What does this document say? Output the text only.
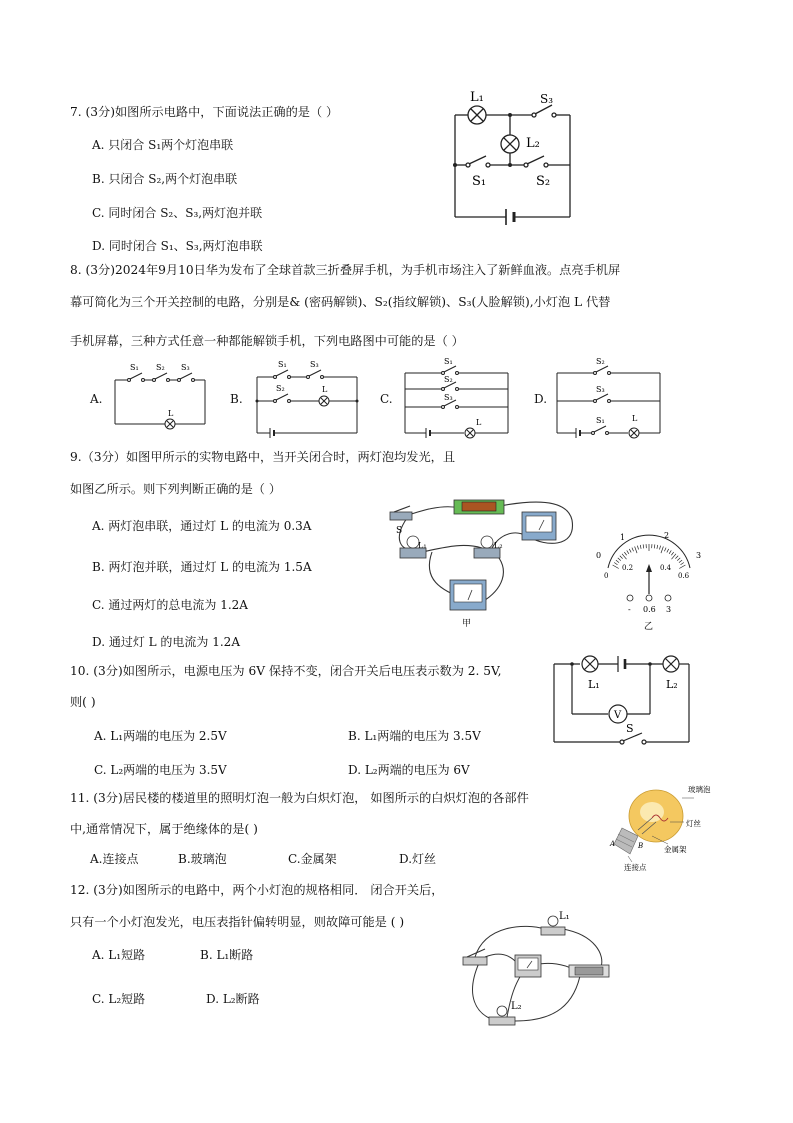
7. (3分)如图所示电路中，下面说法正确的是（ ）
A. 只闭合 S₁两个灯泡串联
B. 只闭合 S₂,两个灯泡串联
C. 同时闭合 S₂、S₃,两灯泡并联
D. 同时闭合 S₁、S₃,两灯泡串联
L₁	S₃
L₂
S₁	S₂
8. (3分)2024年9月10日华为发布了全球首款三折叠屏手机，为手机市场注入了新鲜血液。点亮手机屏
幕可简化为三个开关控制的电路，分别是& (密码解锁)、S₂(指纹解锁)、S₃(人脸解锁),小灯泡 L 代替
手机屏幕，三种方式任意一种都能解锁手机，下列电路图中可能的是（ ）
A.
S₁ S₂ S₃
L
B.
S₁	S₃
S₂	L
C.
S₁
S₂
S₃
L
D.
S₂
S₃
S₁	L
9.（3分）如图甲所示的实物电路中，当开关闭合时，两灯泡均发光，且
如图乙所示。则下列判断正确的是（ ）
A. 两灯泡串联，通过灯 L 的电流为 0.3A
B. 两灯泡并联，通过灯 L 的电流为 1.5A
C. 通过两灯的总电流为 1.2A
D. 通过灯 L 的电流为 1.2A
S
L₁	L₂
甲
0
1	2
3
0
0.2	0.4
0.6
- 0.6 3
乙
10. (3分)如图所示，电源电压为 6V 保持不变，闭合开关后电压表示数为 2. 5V,
则( )
A. L₁两端的电压为 2.5V	B. L₁两端的电压为 3.5V
C. L₂两端的电压为 3.5V	D. L₂两端的电压为 6V
L₁	L₂
V
S
11. (3分)居民楼的楼道里的照明灯泡一般为白炽灯泡， 如图所示的白炽灯泡的各部件
中,通常情况下，属于绝缘体的是( )
A.连接点	B.玻璃泡	C.金属架	D.灯丝
玻璃泡
灯丝
金属架
连接点
A	B
12. (3分)如图所示的电路中，两个小灯泡的规格相同． 闭合开关后，
只有一个小灯泡发光，电压表指针偏转明显，则故障可能是 ( )
A. L₁短路	B. L₁断路
C. L₂短路	D. L₂断路
L₁
L₂
